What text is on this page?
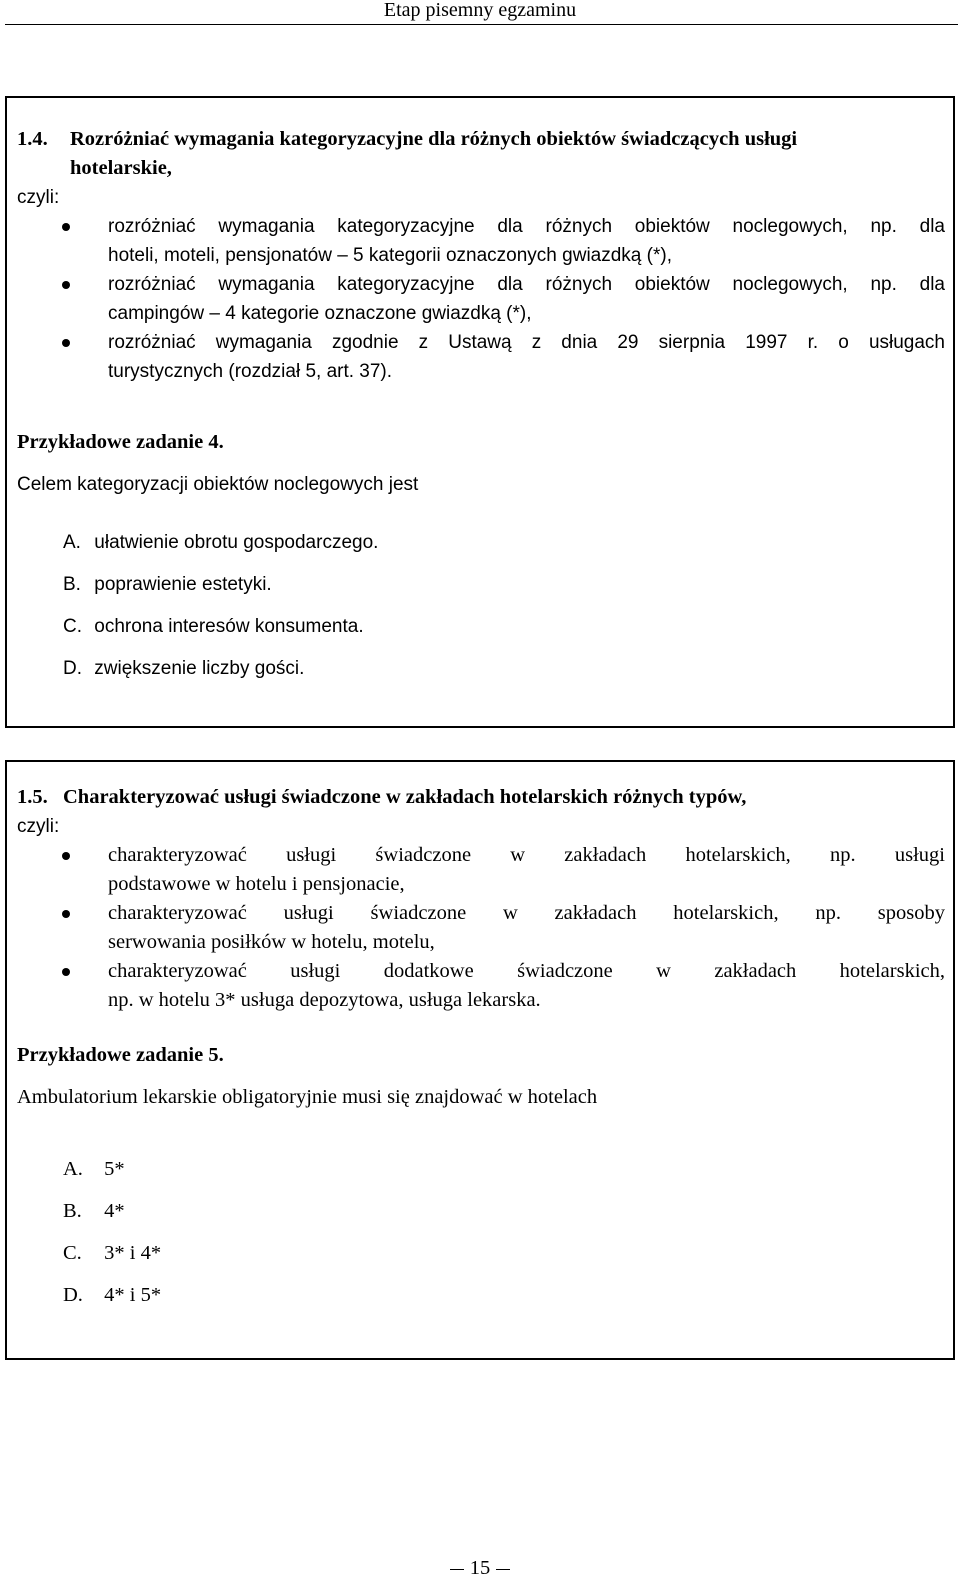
Etap pisemny egzaminu
1.4. Rozróżniać wymagania kategoryzacyjne dla różnych obiektów świadczących usługi
hotelarskie,
czyli:
rozróżniać wymagania kategoryzacyjne dla różnych obiektów noclegowych, np. dla
hoteli, moteli, pensjonatów – 5 kategorii oznaczonych gwiazdką (*),
rozróżniać wymagania kategoryzacyjne dla różnych obiektów noclegowych, np. dla
campingów – 4 kategorie oznaczone gwiazdką (*),
rozróżniać wymagania zgodnie z Ustawą z dnia 29 sierpnia 1997 r. o usługach
turystycznych (rozdział 5, art. 37).
Przykładowe zadanie 4.
Celem kategoryzacji obiektów noclegowych jest
A. ułatwienie obrotu gospodarczego.
B. poprawienie estetyki.
C. ochrona interesów konsumenta.
D. zwiększenie liczby gości.
1.5. Charakteryzować usługi świadczone w zakładach hotelarskich różnych typów,
czyli:
charakteryzować usługi świadczone w zakładach hotelarskich, np. usługi
podstawowe w hotelu i pensjonacie,
charakteryzować usługi świadczone w zakładach hotelarskich, np. sposoby
serwowania posiłków w hotelu, motelu,
charakteryzować usługi dodatkowe świadczone w zakładach hotelarskich,
np. w hotelu 3* usługa depozytowa, usługa lekarska.
Przykładowe zadanie 5.
Ambulatorium lekarskie obligatoryjnie musi się znajdować w hotelach
A. 5*
B. 4*
C. 3* i 4*
D. 4* i 5*
15
